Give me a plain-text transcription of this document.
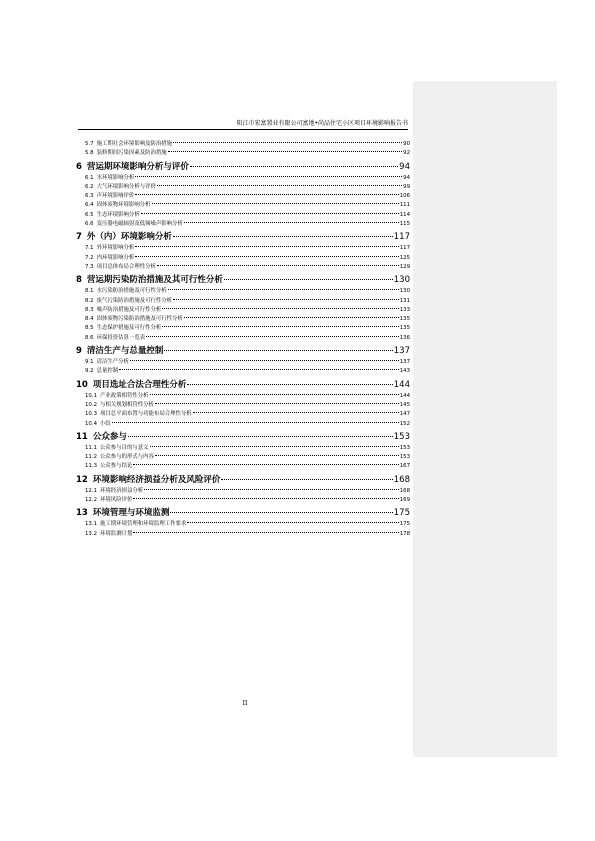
阳江市宏富置业有限公司富地•尚品住宅小区项目环境影响报告书
5.7 施工期社会环境影响及防治措施	90
5.8 装修期间污染因素及防治措施	92
6 营运期环境影响分析与评价	94
6.1 水环境影响分析	94
6.2 大气环境影响分析与评价	99
6.3 声环境影响评价	106
6.4 固体废物环境影响分析	111
6.5 生态环境影响分析	114
6.6 变压器电磁辐射及低频噪声影响分析	115
7 外（内）环境影响分析	117
7.1 外环境影响分析	117
7.2 内环境影响分析	125
7.3 项目总体布局合理性分析	129
8 营运期污染防治措施及其可行性分析	130
8.1 水污染防治措施及可行性分析	130
8.2 废气污染防治措施及可行性分析	131
8.3 噪声防治措施及可行性分析	133
8.4 固体废物污染防治措施及可行性分析	135
8.5 生态保护措施及可行性分析	135
8.6 环保投资估算一览表	136
9 清洁生产与总量控制	137
9.1 清洁生产分析	137
9.2 总量控制	143
10 项目选址合法合理性分析	144
10.1 产业政策相符性分析	144
10.2 与相关规划相符性分析	145
10.3 项目总平面布置与功能布局合理性分析	147
10.4 小结	152
11 公众参与	153
11.1 公众参与目的与意义	153
11.2 公众参与的形式与内容	153
11.3 公众参与结论	167
12 环境影响经济损益分析及风险评价	168
12.1 环境经济损益分析	168
12.2 环境风险评价	169
13 环境管理与环境监测	175
13.1 施工期环境管理和环境监理工作要求	175
13.2 环境监测计划	178
II
